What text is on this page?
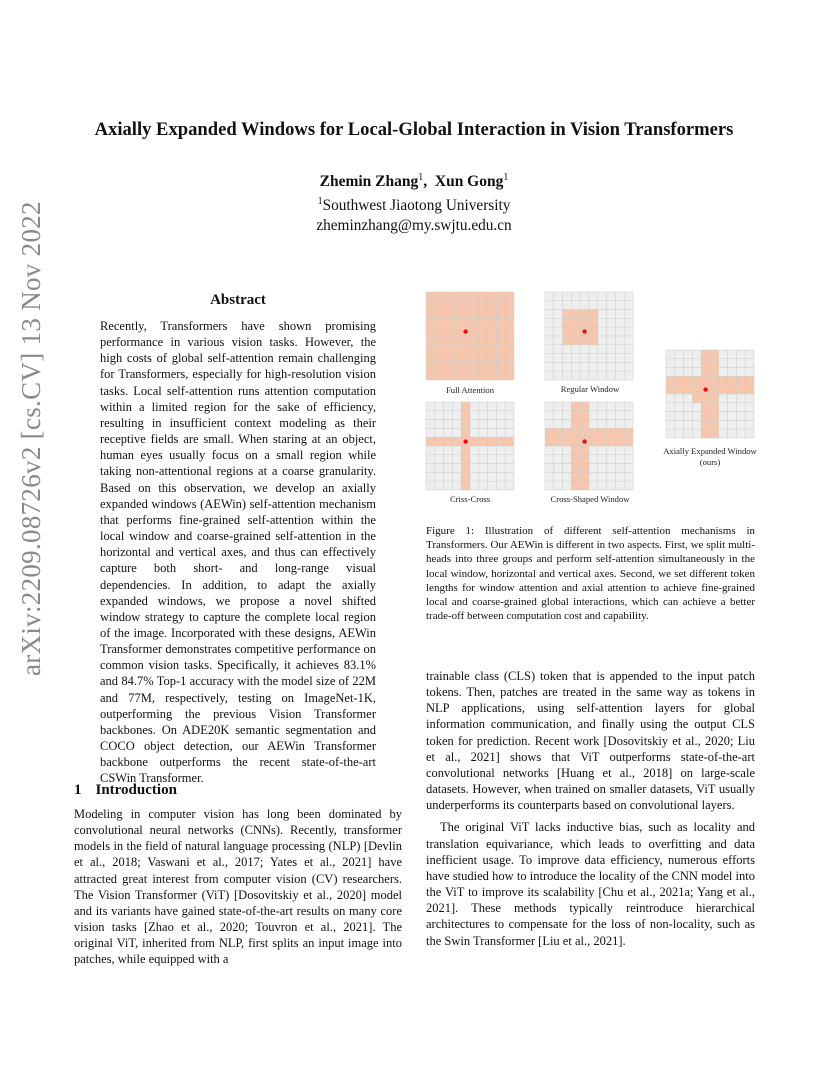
Axially Expanded Windows for Local-Global Interaction in Vision Transformers
Zhemin Zhang$^1$, Xun Gong$^1$
$^1$Southwest Jiaotong University
zheminzhang@my.swjtu.edu.cn
arXiv:2209.08726v2 [cs.CV] 13 Nov 2022	Abstract
Recently, Transformers have shown promising performance in various vision tasks. However, the high costs of global self-attention remain challenging for Transformers, especially for high-resolution vision tasks. Local self-attention runs attention computation within a limited region for the sake of efficiency, resulting in insufficient context modeling as their receptive fields are small. When staring at an object, human eyes usually focus on a small region while taking non-attentional regions at a coarse granularity. Based on this observation, we develop an axially expanded windows (AEWin) self-attention mechanism that performs fine-grained self-attention within the local window and coarse-grained self-attention in the horizontal and vertical axes, and thus can effectively capture both short- and long-range visual dependencies. In addition, to adapt the axially expanded windows, we propose a novel shifted window strategy to capture the complete local region of the image. Incorporated with these designs, AEWin Transformer demonstrates competitive performance on common vision tasks. Specifically, it achieves 83.1% and 84.7% Top-1 accuracy with the model size of 22M and 77M, respectively, testing on ImageNet-1K, outperforming the previous Vision Transformer backbones. On ADE20K semantic segmentation and COCO object detection, our AEWin Transformer backbone outperforms the recent state-of-the-art CSWin Transformer.
1 Introduction
Modeling in computer vision has long been dominated by convolutional neural networks (CNNs). Recently, transformer models in the field of natural language processing (NLP) [Devlin et al., 2018; Vaswani et al., 2017; Yates et al., 2021] have attracted great interest from computer vision (CV) researchers. The Vision Transformer (ViT) [Dosovitskiy et al., 2020] model and its variants have gained state-of-the-art results on many core vision tasks [Zhao et al., 2020; Touvron et al., 2021]. The original ViT, inherited from NLP, first splits an input image into patches, while equipped with a
Full Attention	Regular Window
Criss-Cross	Cross-Shaped Window
Axially Expanded Window (ours)
Figure 1: Illustration of different self-attention mechanisms in Transformers. Our AEWin is different in two aspects. First, we split multi-heads into three groups and perform self-attention simultaneously in the local window, horizontal and vertical axes. Second, we set different token lengths for window attention and axial attention to achieve fine-grained local and coarse-grained global interactions, which can achieve a better trade-off between computation cost and capability.

trainable class (CLS) token that is appended to the input patch tokens. Then, patches are treated in the same way as tokens in NLP applications, using self-attention layers for global information communication, and finally using the output CLS token for prediction. Recent work [Dosovitskiy et al., 2020; Liu et al., 2021] shows that ViT outperforms state-of-the-art convolutional networks [Huang et al., 2018] on large-scale datasets. However, when trained on smaller datasets, ViT usually underperforms its counterparts based on convolutional layers.

The original ViT lacks inductive bias, such as locality and translation equivariance, which leads to overfitting and data inefficient usage. To improve data efficiency, numerous efforts have studied how to introduce the locality of the CNN model into the ViT to improve its scalability [Chu et al., 2021a; Yang et al., 2021]. These methods typically reintroduce hierarchical architectures to compensate for the loss of non-locality, such as the Swin Transformer [Liu et al., 2021].
